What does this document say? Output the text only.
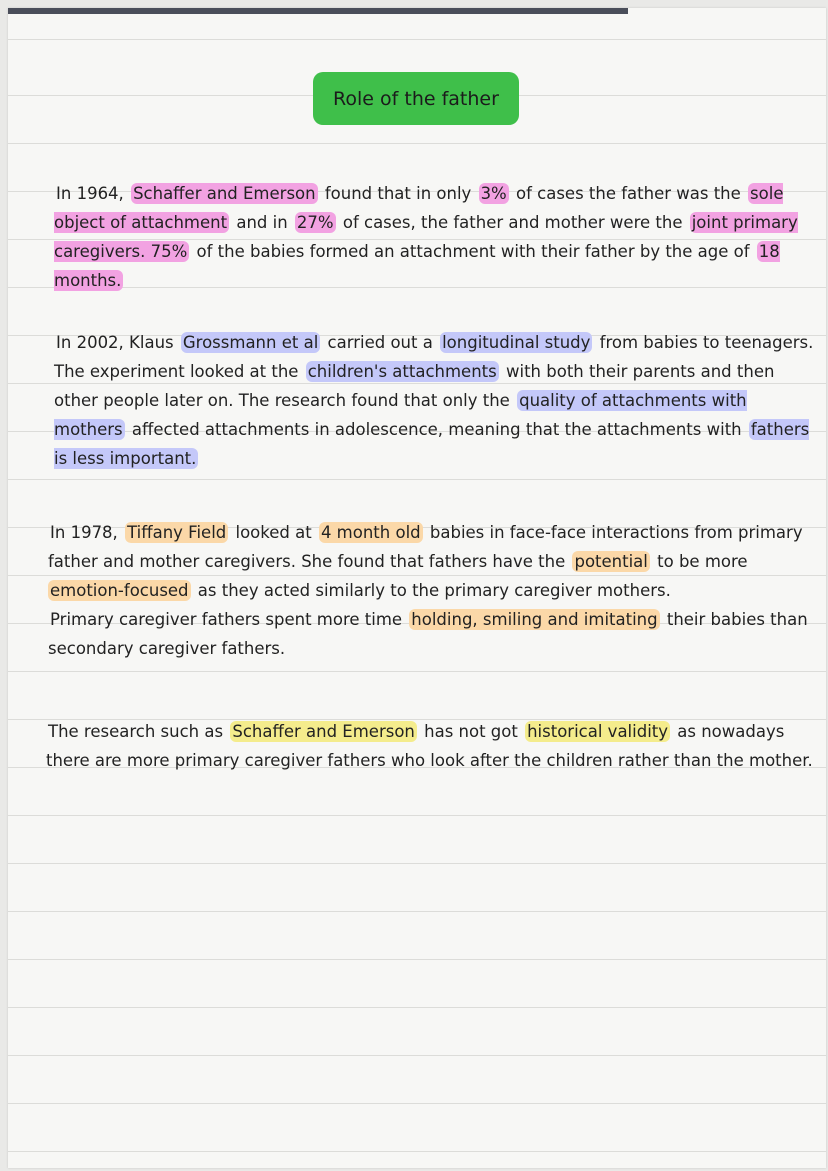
Role of the father
In 1964, Schaffer and Emerson found that in only 3% of cases the father was the sole object of attachment and in 27% of cases, the father and mother were the joint primary caregivers. 75% of the babies formed an attachment with their father by the age of 18 months.
In 2002, Klaus Grossmann et al carried out a longitudinal study from babies to teenagers. The experiment looked at the children's attachments with both their parents and then other people later on. The research found that only the quality of attachments with mothers affected attachments in adolescence, meaning that the attachments with fathers is less important.
In 1978, Tiffany Field looked at 4 month old babies in face-face interactions from primary father and mother caregivers. She found that fathers have the potential to be more emotion-focused as they acted similarly to the primary caregiver mothers.
Primary caregiver fathers spent more time holding, smiling and imitating their babies than secondary caregiver fathers.
The research such as Schaffer and Emerson has not got historical validity as nowadays there are more primary caregiver fathers who look after the children rather than the mother.
